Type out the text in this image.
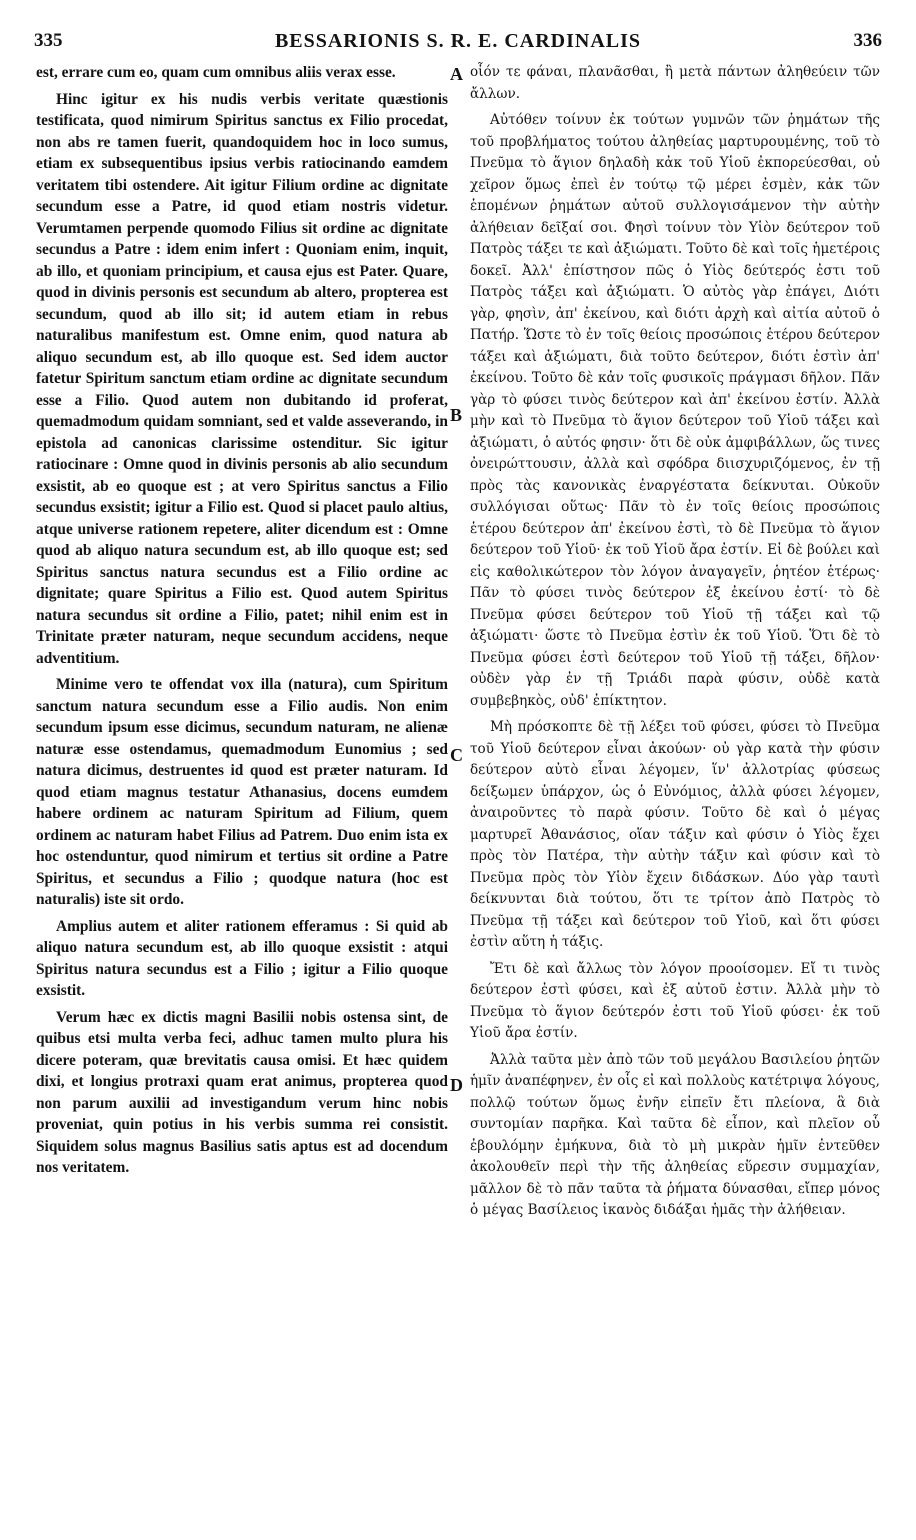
335	BESSARIONIS S. R. E. CARDINALIS	336

est, errare cum eo, quam cum omnibus aliis verax esse.

Hinc igitur ex his nudis verbis veritate quæstionis testificata, quod nimirum Spiritus sanctus ex Filio procedat, non abs re tamen fuerit, quandoquidem hoc in loco sumus, etiam ex subsequentibus ipsius verbis ratiocinando eamdem veritatem tibi ostendere. Ait igitur Filium ordine ac dignitate secundum esse a Patre, id quod etiam nostris videtur. Verumtamen perpende quomodo Filius sit ordine ac dignitate secundus a Patre : idem enim infert : Quoniam enim, inquit, ab illo, et quoniam principium, et causa ejus est Pater. Quare, quod in divinis personis est secundum ab altero, propterea est secundum, quod ab illo sit; id autem etiam in rebus naturalibus manifestum est. Omne enim, quod natura ab aliquo secundum est, ab illo quoque est. Sed idem auctor fatetur Spiritum sanctum etiam ordine ac dignitate secundum esse a Filio. Quod autem non dubitando id proferat, quemadmodum quidam somniant, sed et valde asseverando, in epistola ad canonicas clarissime ostenditur. Sic igitur ratiocinare : Omne quod in divinis personis ab alio secundum exsistit, ab eo quoque est ; at vero Spiritus sanctus a Filio secundus exsistit; igitur a Filio est. Quod si placet paulo altius, atque universe rationem repetere, aliter dicendum est : Omne quod ab aliquo natura secundum est, ab illo quoque est; sed Spiritus sanctus natura secundus est a Filio ordine ac dignitate; quare Spiritus a Filio est. Quod autem Spiritus natura secundus sit ordine a Filio, patet; nihil enim est in Trinitate præter naturam, neque secundum accidens, neque adventitium.

Minime vero te offendat vox illa (natura), cum Spiritum sanctum natura secundum esse a Filio audis. Non enim secundum ipsum esse dicimus, secundum naturam, ne alienæ naturæ esse ostendamus, quemadmodum Eunomius ; sed natura dicimus, destruentes id quod est præter naturam. Id quod etiam magnus testatur Athanasius, docens eumdem habere ordinem ac naturam Spiritum ad Filium, quem ordinem ac naturam habet Filius ad Patrem. Duo enim ista ex hoc ostenduntur, quod nimirum et tertius sit ordine a Patre Spiritus, et secundus a Filio ; quodque natura (hoc est naturalis) iste sit ordo.

Amplius autem et aliter rationem efferamus : Si quid ab aliquo natura secundum est, ab illo quoque exsistit : atqui Spiritus natura secundus est a Filio ; igitur a Filio quoque exsistit.

Verum hæc ex dictis magni Basilii nobis ostensa sint, de quibus etsi multa verba feci, adhuc tamen multo plura his dicere poteram, quæ brevitatis causa omisi. Et hæc quidem dixi, et longius protraxi quam erat animus, propterea quod non parum auxilii ad investigandum verum hinc nobis proveniat, quin potius in his verbis summa rei consistit. Siquidem solus magnus Basilius satis aptus est ad docendum nos veritatem.

A
B
C
D

οἷόν τε φάναι, πλανᾶσθαι, ἢ μετὰ πάντων ἀληθεύειν τῶν ἄλλων.

Αὐτόθεν τοίνυν ἐκ τούτων γυμνῶν τῶν ῥημάτων τῆς τοῦ προβλήματος τούτου ἀληθείας μαρτυρουμένης, τοῦ τὸ Πνεῦμα τὸ ἅγιον δηλαδὴ κἀκ τοῦ Υἱοῦ ἐκπορεύεσθαι, οὐ χεῖρον ὅμως ἐπεὶ ἐν τούτῳ τῷ μέρει ἐσμὲν, κἀκ τῶν ἑπομένων ῥημάτων αὐτοῦ συλλογισάμενον τὴν αὐτὴν ἀλήθειαν δεῖξαί σοι. Φησὶ τοίνυν τὸν Υἱὸν δεύτερον τοῦ Πατρὸς τάξει τε καὶ ἀξιώματι. Τοῦτο δὲ καὶ τοῖς ἡμετέροις δοκεῖ. Ἀλλ' ἐπίστησον πῶς ὁ Υἱὸς δεύτερός ἐστι τοῦ Πατρὸς τάξει καὶ ἀξιώματι. Ὁ αὐτὸς γὰρ ἐπάγει, Διότι γὰρ, φησὶν, ἀπ' ἐκείνου, καὶ διότι ἀρχὴ καὶ αἰτία αὐτοῦ ὁ Πατήρ. Ὥστε τὸ ἐν τοῖς θείοις προσώποις ἑτέρου δεύτερον τάξει καὶ ἀξιώματι, διὰ τοῦτο δεύτερον, διότι ἐστὶν ἀπ' ἐκείνου. Τοῦτο δὲ κἀν τοῖς φυσικοῖς πράγμασι δῆλον. Πᾶν γὰρ τὸ φύσει τινὸς δεύτερον καὶ ἀπ' ἐκείνου ἐστίν. Ἀλλὰ μὴν καὶ τὸ Πνεῦμα τὸ ἅγιον δεύτερον τοῦ Υἱοῦ τάξει καὶ ἀξιώματι, ὁ αὐτός φησιν· ὅτι δὲ οὐκ ἀμφιβάλλων, ὥς τινες ὀνειρώττουσιν, ἀλλὰ καὶ σφόδρα διισχυριζόμενος, ἐν τῇ πρὸς τὰς κανονικὰς ἐναργέστατα δείκνυται. Οὐκοῦν συλλόγισαι οὕτως· Πᾶν τὸ ἐν τοῖς θείοις προσώποις ἑτέρου δεύτερον ἀπ' ἐκείνου ἐστὶ, τὸ δὲ Πνεῦμα τὸ ἅγιον δεύτερον τοῦ Υἱοῦ· ἐκ τοῦ Υἱοῦ ἄρα ἐστίν. Εἰ δὲ βούλει καὶ εἰς καθολικώτερον τὸν λόγον ἀναγαγεῖν, ῥητέον ἑτέρως· Πᾶν τὸ φύσει τινὸς δεύτερον ἐξ ἐκείνου ἐστί· τὸ δὲ Πνεῦμα φύσει δεύτερον τοῦ Υἱοῦ τῇ τάξει καὶ τῷ ἀξιώματι· ὥστε τὸ Πνεῦμα ἐστὶν ἐκ τοῦ Υἱοῦ. Ὅτι δὲ τὸ Πνεῦμα φύσει ἐστὶ δεύτερον τοῦ Υἱοῦ τῇ τάξει, δῆλον· οὐδὲν γὰρ ἐν τῇ Τριάδι παρὰ φύσιν, οὐδὲ κατὰ συμβεβηκὸς, οὐδ' ἐπίκτητον.

Μὴ πρόσκοπτε δὲ τῇ λέξει τοῦ φύσει, φύσει τὸ Πνεῦμα τοῦ Υἱοῦ δεύτερον εἶναι ἀκούων· οὐ γὰρ κατὰ τὴν φύσιν δεύτερον αὐτὸ εἶναι λέγομεν, ἵν' ἀλλοτρίας φύσεως δείξωμεν ὑπάρχον, ὡς ὁ Εὐνόμιος, ἀλλὰ φύσει λέγομεν, ἀναιροῦντες τὸ παρὰ φύσιν. Τοῦτο δὲ καὶ ὁ μέγας μαρτυρεῖ Ἀθανάσιος, οἵαν τάξιν καὶ φύσιν ὁ Υἱὸς ἔχει πρὸς τὸν Πατέρα, τὴν αὐτὴν τάξιν καὶ φύσιν καὶ τὸ Πνεῦμα πρὸς τὸν Υἱὸν ἔχειν διδάσκων. Δύο γὰρ ταυτὶ δείκνυνται διὰ τούτου, ὅτι τε τρίτον ἀπὸ Πατρὸς τὸ Πνεῦμα τῇ τάξει καὶ δεύτερον τοῦ Υἱοῦ, καὶ ὅτι φύσει ἐστὶν αὕτη ἡ τάξις.

Ἔτι δὲ καὶ ἄλλως τὸν λόγον προοίσομεν. Εἴ τι τινὸς δεύτερον ἐστὶ φύσει, καὶ ἐξ αὐτοῦ ἐστιν. Ἀλλὰ μὴν τὸ Πνεῦμα τὸ ἅγιον δεύτερόν ἐστι τοῦ Υἱοῦ φύσει· ἐκ τοῦ Υἱοῦ ἄρα ἐστίν.

Ἀλλὰ ταῦτα μὲν ἀπὸ τῶν τοῦ μεγάλου Βασιλείου ῥητῶν ἡμῖν ἀναπέφηνεν, ἐν οἷς εἰ καὶ πολλοὺς κατέτριψα λόγους, πολλῷ τούτων ὅμως ἐνῆν εἰπεῖν ἔτι πλείονα, ἃ διὰ συντομίαν παρῆκα. Καὶ ταῦτα δὲ εἶπον, καὶ πλεῖον οὗ ἐβουλόμην ἐμήκυνα, διὰ τὸ μὴ μικρὰν ἡμῖν ἐντεῦθεν ἀκολουθεῖν περὶ τὴν τῆς ἀληθείας εὕρεσιν συμμαχίαν, μᾶλλον δὲ τὸ πᾶν ταῦτα τὰ ῥήματα δύνασθαι, εἴπερ μόνος ὁ μέγας Βασίλειος ἱκανὸς διδάξαι ἡμᾶς τὴν ἀλήθειαν.
